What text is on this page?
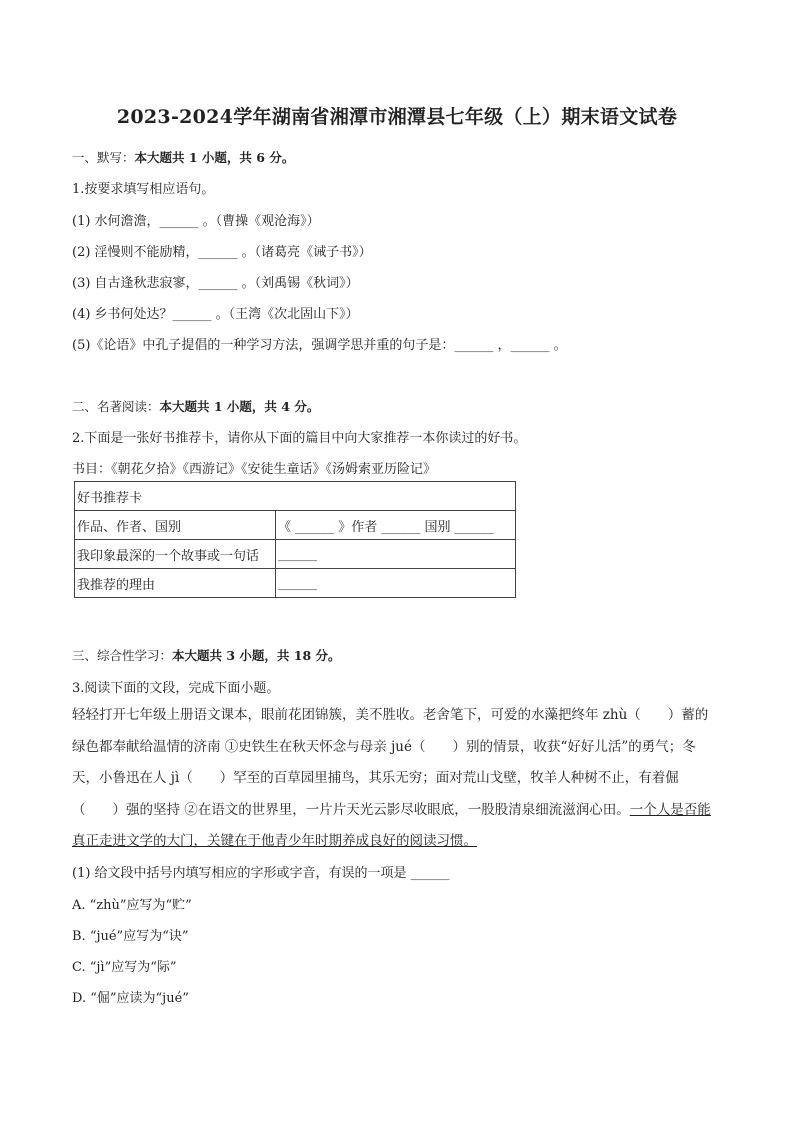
2023-2024学年湖南省湘潭市湘潭县七年级（上）期末语文试卷
一、默写：本大题共 1 小题，共 6 分。
1.按要求填写相应语句。
(1) 水何澹澹，______ 。（曹操《观沧海》）
(2) 淫慢则不能励精，______ 。（诸葛亮《诫子书》）
(3) 自古逢秋悲寂寥，______ 。（刘禹锡《秋词》）
(4) 乡书何处达？______ 。（王湾《次北固山下》）
(5)《论语》中孔子提倡的一种学习方法，强调学思并重的句子是：______ ，______ 。
二、名著阅读：本大题共 1 小题，共 4 分。
2.下面是一张好书推荐卡，请你从下面的篇目中向大家推荐一本你读过的好书。
书目：《朝花夕拾》《西游记》《安徒生童话》《汤姆索亚历险记》
好书推荐卡	
作品、作者、国别	《 ______ 》作者 ______ 国别 ______
我印象最深的一个故事或一句话	______
我推荐的理由	______
三、综合性学习：本大题共 3 小题，共 18 分。
3.阅读下面的文段，完成下面小题。
轻轻打开七年级上册语文课本，眼前花团锦簇，美不胜收。老舍笔下，可爱的水藻把终年 zhù（　　）蓄的绿色都奉献给温情的济南 ①史铁生在秋天怀念与母亲 jué（　　）别的情景，收获“好好儿活”的勇气；冬天，小鲁迅在人 jì（　　）罕至的百草园里捕鸟，其乐无穷；面对荒山戈壁，牧羊人种树不止，有着倔（　　）强的坚持 ②在语文的世界里，一片片天光云影尽收眼底，一股股清泉细流滋润心田。一个人是否能真正走进文学的大门，关键在于他青少年时期养成良好的阅读习惯。
(1) 给文段中括号内填写相应的字形或字音，有误的一项是 ______
A. “zhù”应写为“贮”
B. “jué”应写为“诀”
C. “jì”应写为“际”
D. “倔”应读为“jué”
